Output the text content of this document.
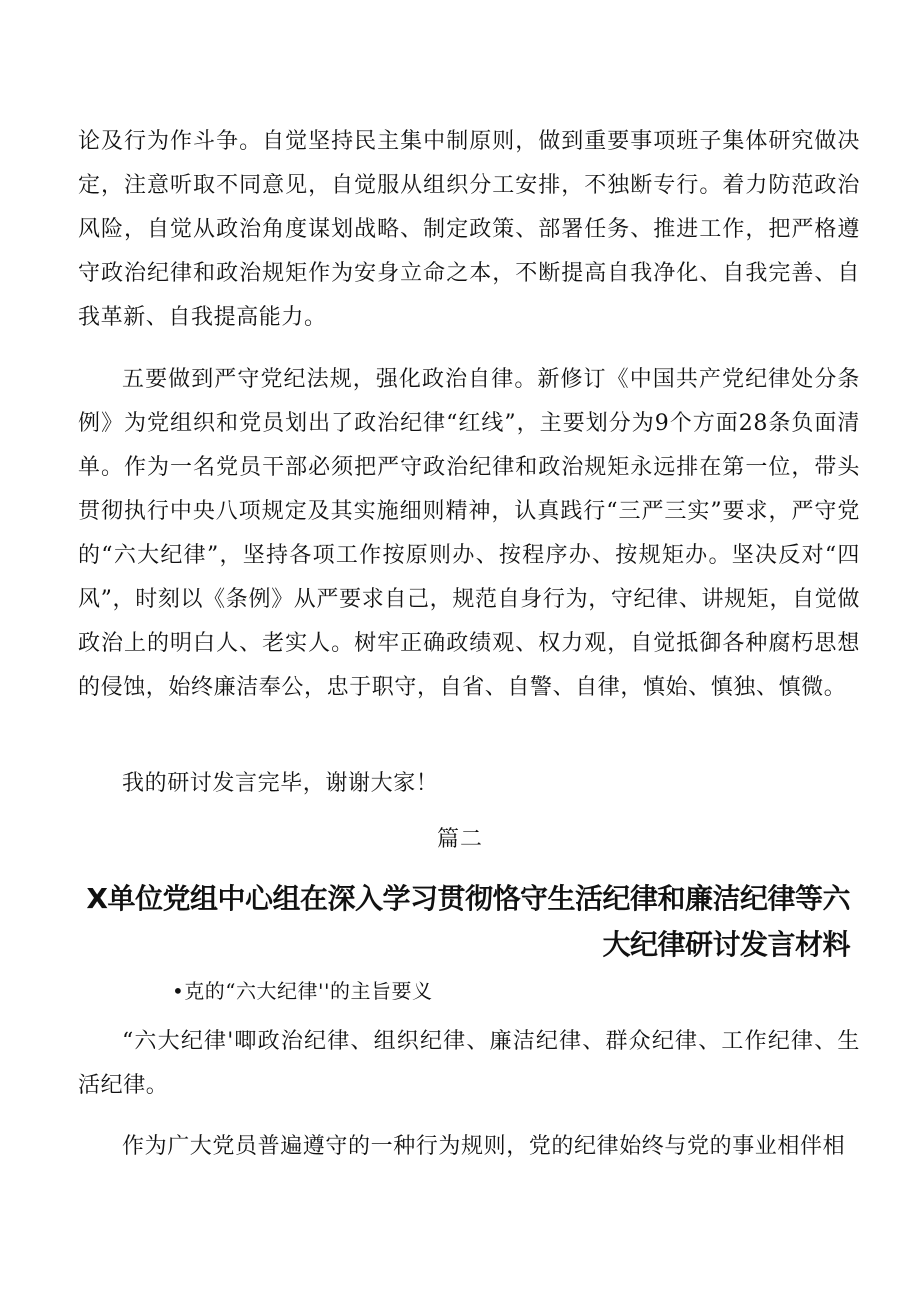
论及行为作斗争。自觉坚持民主集中制原则，做到重要事项班子集体研究做决定，注意听取不同意见，自觉服从组织分工安排，不独断专行。着力防范政治风险，自觉从政治角度谋划战略、制定政策、部署任务、推进工作，把严格遵守政治纪律和政治规矩作为安身立命之本，不断提高自我净化、自我完善、自我革新、自我提高能力。

五要做到严守党纪法规，强化政治自律。新修订《中国共产党纪律处分条例》为党组织和党员划出了政治纪律“红线”，主要划分为9个方面28条负面清单。作为一名党员干部必须把严守政治纪律和政治规矩永远排在第一位，带头贯彻执行中央八项规定及其实施细则精神，认真践行“三严三实”要求，严守党的“六大纪律”，坚持各项工作按原则办、按程序办、按规矩办。坚决反对“四风”，时刻以《条例》从严要求自己，规范自身行为，守纪律、讲规矩，自觉做政治上的明白人、老实人。树牢正确政绩观、权力观，自觉抵御各种腐朽思想的侵蚀，始终廉洁奉公，忠于职守，自省、自警、自律，慎始、慎独、慎微。

我的研讨发言完毕，谢谢大家！

篇二

X单位党组中心组在深入学习贯彻恪守生活纪律和廉洁纪律等六大纪律研讨发言材料

•克的“六大纪律''的主旨要义

“六大纪律'唧政治纪律、组织纪律、廉洁纪律、群众纪律、工作纪律、生活纪律。

作为广大党员普遍遵守的一种行为规则，党的纪律始终与党的事业相伴相
